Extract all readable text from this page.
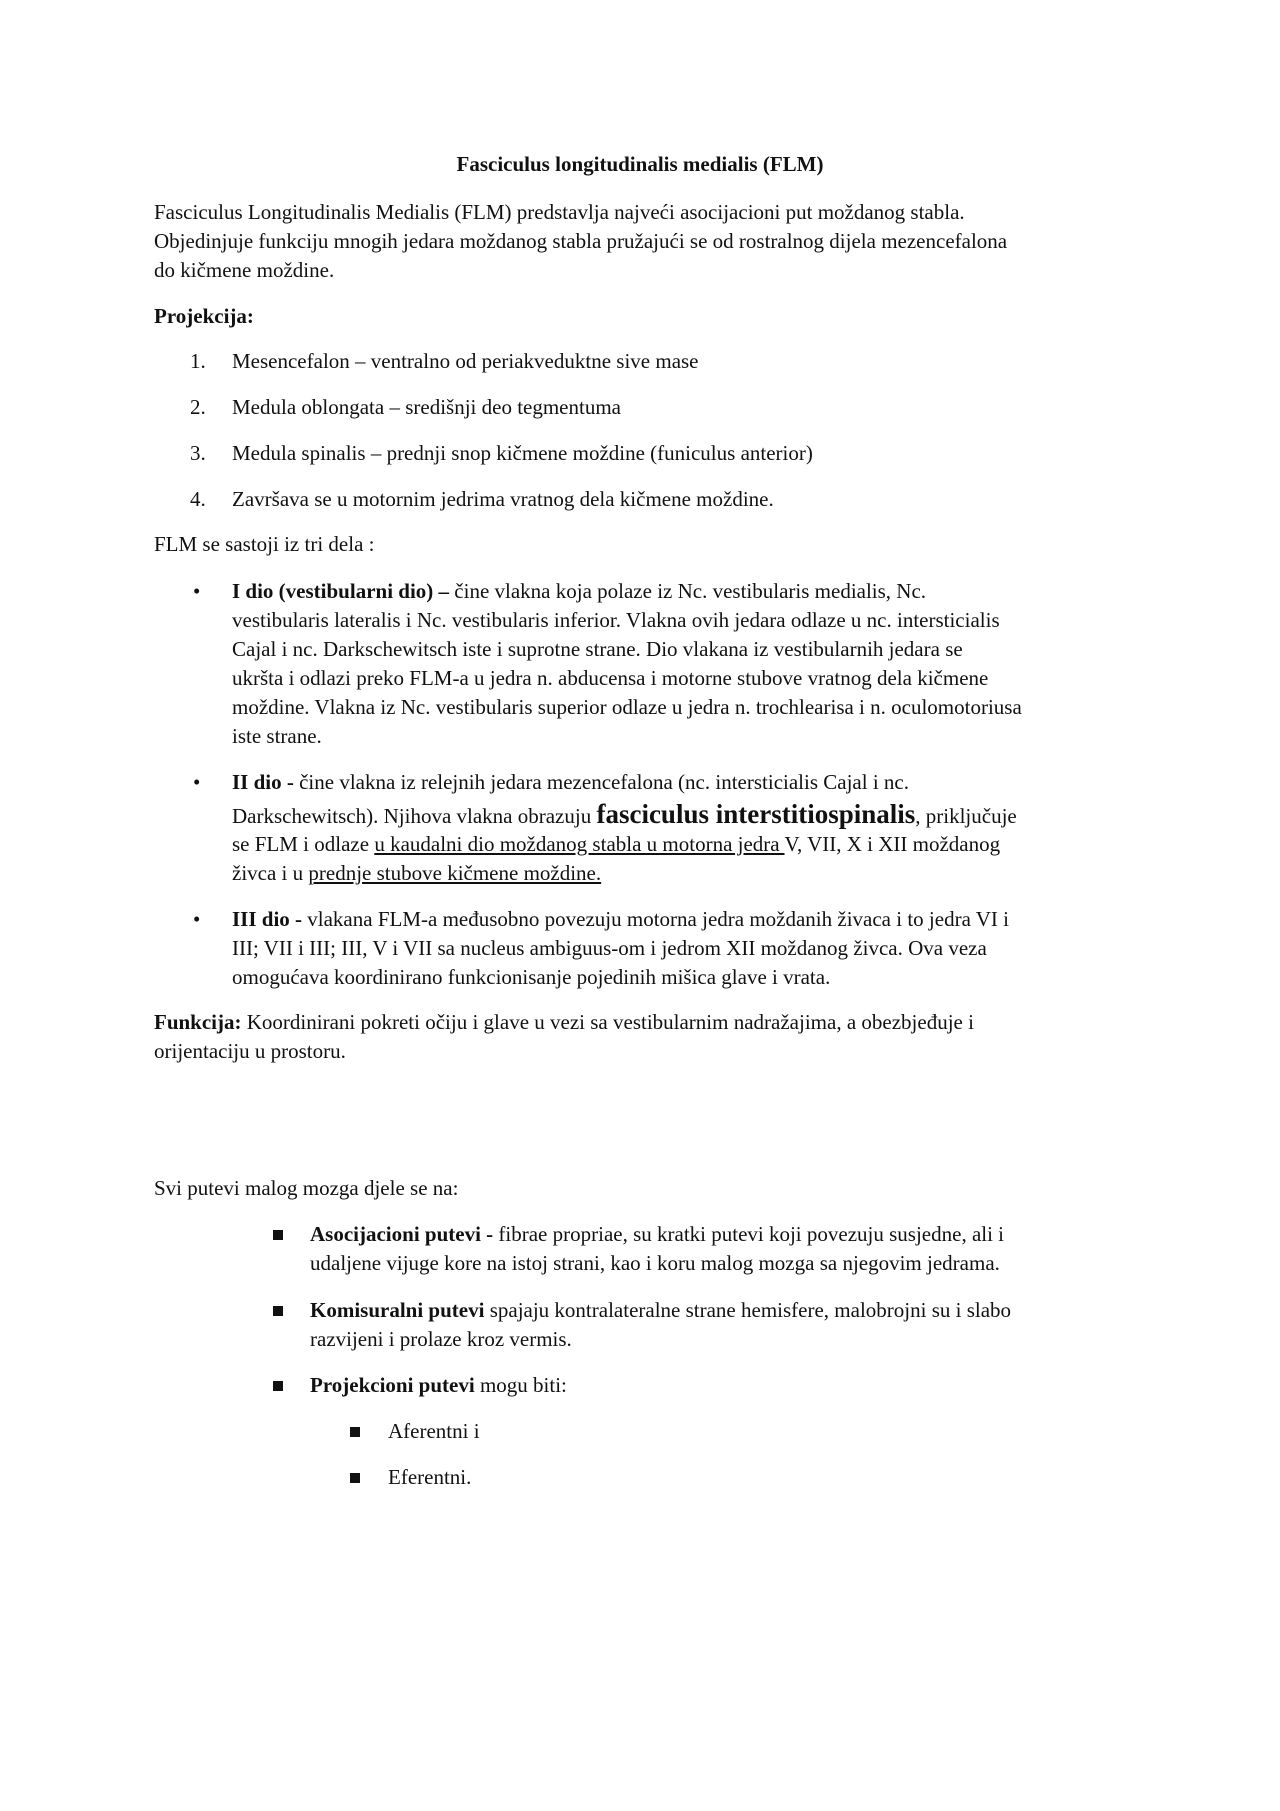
Fasciculus longitudinalis medialis (FLM)
Fasciculus Longitudinalis Medialis (FLM) predstavlja najveći asocijacioni put moždanog stabla.
Objedinjuje funkciju mnogih jedara moždanog stabla pružajući se od rostralnog dijela mezencefalona
do kičmene moždine.
Projekcija:
1.	Mesencefalon – ventralno od periakveduktne sive mase
2.	Medula oblongata – središnji deo tegmentuma
3.	Medula spinalis – prednji snop kičmene moždine (funiculus anterior)
4.	Završava se u motornim jedrima vratnog dela kičmene moždine.
FLM se sastoji iz tri dela :
• I dio (vestibularni dio) – čine vlakna koja polaze iz Nc. vestibularis medialis, Nc.
vestibularis lateralis i Nc. vestibularis inferior. Vlakna ovih jedara odlaze u nc. intersticialis
Cajal i nc. Darkschewitsch iste i suprotne strane. Dio vlakana iz vestibularnih jedara se
ukršta i odlazi preko FLM-a u jedra n. abducensa i motorne stubove vratnog dela kičmene
moždine. Vlakna iz Nc. vestibularis superior odlaze u jedra n. trochlearisa i n. oculomotoriusa
iste strane.
• II dio - čine vlakna iz relejnih jedara mezencefalona (nc. intersticialis Cajal i nc.
Darkschewitsch). Njihova vlakna obrazuju fasciculus interstitiospinalis, priključuje
se FLM i odlaze u kaudalni dio moždanog stabla u motorna jedra V, VII, X i XII moždanog
živca i u prednje stubove kičmene moždine.
• III dio - vlakana FLM-a međusobno povezuju motorna jedra moždanih živaca i to jedra VI i
III; VII i III; III, V i VII sa nucleus ambiguus-om i jedrom XII moždanog živca. Ova veza
omogućava koordinirano funkcionisanje pojedinih mišica glave i vrata.
Funkcija: Koordinirani pokreti očiju i glave u vezi sa vestibularnim nadražajima, a obezbjeđuje i
orijentaciju u prostoru.
Svi putevi malog mozga djele se na:
Asocijacioni putevi - fibrae propriae, su kratki putevi koji povezuju susjedne, ali i
udaljene vijuge kore na istoj strani, kao i koru malog mozga sa njegovim jedrama.
Komisuralni putevi spajaju kontralateralne strane hemisfere, malobrojni su i slabo
razvijeni i prolaze kroz vermis.
Projekcioni putevi mogu biti:
Aferentni i
Eferentni.
